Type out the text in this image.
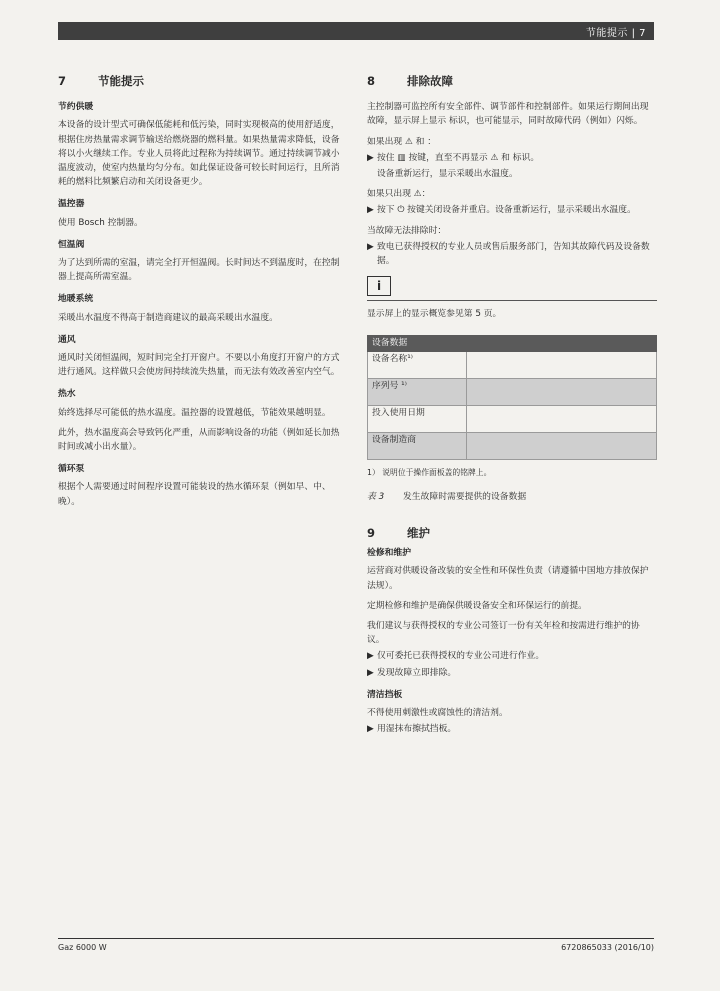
节能提示 | 7
7	节能提示
节约供暖

本设备的设计型式可确保低能耗和低污染，同时实现极高的使用舒适度，根据住房热量需求调节输送给燃烧器的燃料量。如果热量需求降低，设备将以小火继续工作。专业人员将此过程称为持续调节。通过持续调节减小温度波动，使室内热量均匀分布。如此保证设备可较长时间运行，且所消耗的燃料比频繁启动和关闭设备更少。

温控器

使用 Bosch 控制器。

恒温阀

为了达到所需的室温，请完全打开恒温阀。长时间达不到温度时，在控制器上提高所需室温。

地暖系统

采暖出水温度不得高于制造商建议的最高采暖出水温度。

通风

通风时关闭恒温阀，短时间完全打开窗户。不要以小角度打开窗户的方式进行通风。这样做只会使房间持续流失热量，而无法有效改善室内空气。

热水

始终选择尽可能低的热水温度。温控器的设置越低，节能效果越明显。

此外，热水温度高会导致钙化严重，从而影响设备的功能（例如延长加热时间或减小出水量）。

循环泵

根据个人需要通过时间程序设置可能装设的热水循环泵（例如早、中、晚）。

8	排除故障

主控制器可监控所有安全部件、调节部件和控制部件。如果运行期间出现故障，显示屏上显示 标识，也可能显示，同时故障代码（例如）闪烁。

如果出现 ⚠ 和 ：

▶ 按住 ▥ 按键，直至不再显示 ⚠ 和 标识。

设备重新运行，显示采暖出水温度。

如果只出现 ⚠：

▶ 按下 ⏻ 按键关闭设备并重启。设备重新运行，显示采暖出水温度。

当故障无法排除时：

▶ 致电已获得授权的专业人员或售后服务部门，告知其故障代码及设备数据。
i

显示屏上的显示概览参见第 5 页。

设备数据	
设备名称¹⁾	
序列号 ¹⁾	
投入使用日期	
设备制造商	
1） 说明位于操作面板盖的铭牌上。
表 3	发生故障时需要提供的设备数据
9	维护
检修和维护

运营商对供暖设备改装的安全性和环保性负责（请遵循中国地方排放保护法规）。

定期检修和维护是确保供暖设备安全和环保运行的前提。

我们建议与获得授权的专业公司签订一份有关年检和按需进行维护的协议。

▶ 仅可委托已获得授权的专业公司进行作业。
▶ 发现故障立即排除。
清洁挡板

不得使用刺激性或腐蚀性的清洁剂。

▶ 用湿抹布擦拭挡板。
Gaz 6000 W	6720865033 (2016/10)
